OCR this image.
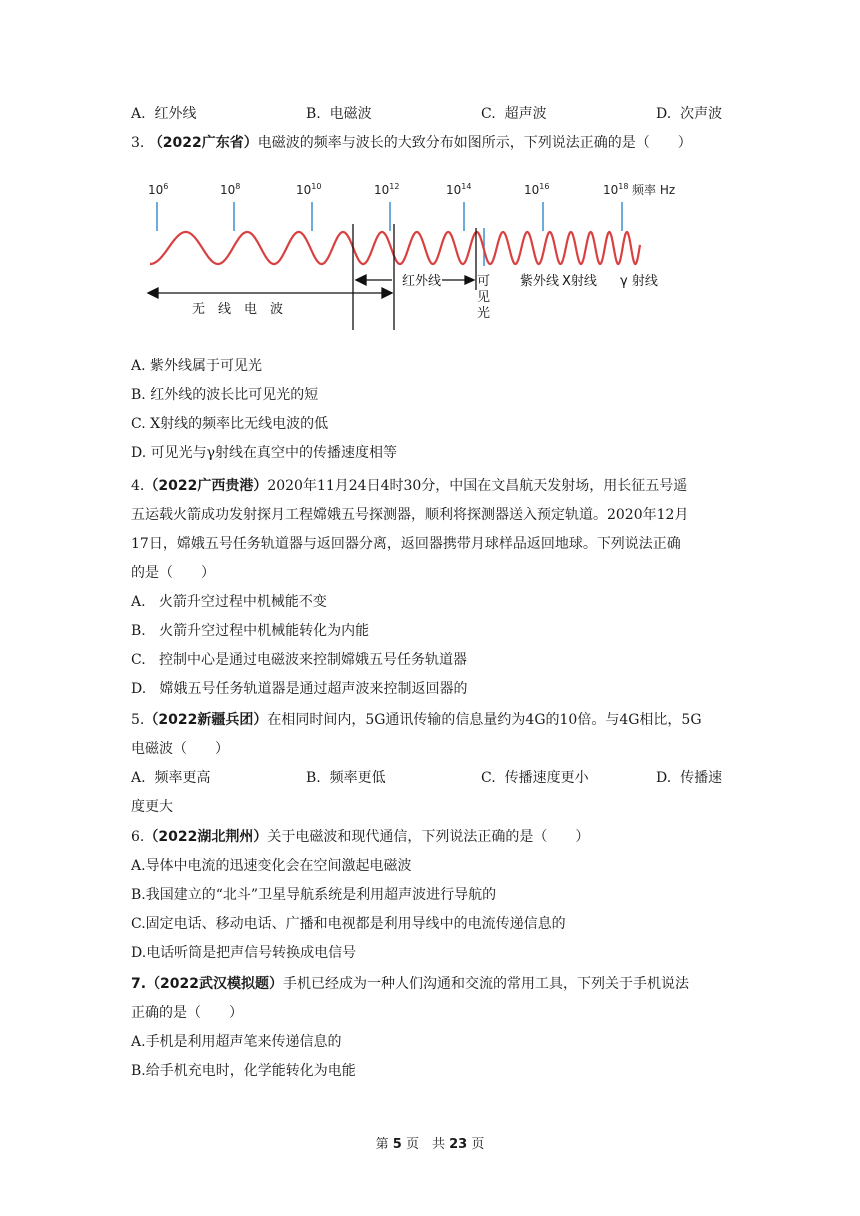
A. 红外线	B. 电磁波	C. 超声波	D. 次声波
3. （2022广东省）电磁波的频率与波长的大致分布如图所示，下列说法正确的是（　　）
$10^6$	$10^8$	$10^{10}$	$10^{12}$	$10^{14}$	$10^{16}$	$10^{18}$ 频率 Hz
无　线　电　波
红外线	紫外线 X射线 γ 射线
可
见
光
A. 紫外线属于可见光
B. 红外线的波长比可见光的短
C. X射线的频率比无线电波的低
D. 可见光与γ射线在真空中的传播速度相等
4.（2022广西贵港）2020年11月24日4时30分，中国在文昌航天发射场，用长征五号遥
五运载火箭成功发射探月工程嫦娥五号探测器，顺利将探测器送入预定轨道。2020年12月
17日，嫦娥五号任务轨道器与返回器分离，返回器携带月球样品返回地球。下列说法正确
的是（　　）
A. 火箭升空过程中机械能不变
B. 火箭升空过程中机械能转化为内能
C. 控制中心是通过电磁波来控制嫦娥五号任务轨道器
D. 嫦娥五号任务轨道器是通过超声波来控制返回器的
5.（2022新疆兵团）在相同时间内，5G通讯传输的信息量约为4G的10倍。与4G相比，5G
电磁波（　　）
A. 频率更高	B. 频率更低	C. 传播速度更小	D. 传播速
度更大
6.（2022湖北荆州）关于电磁波和现代通信，下列说法正确的是（　　）
A.导体中电流的迅速变化会在空间激起电磁波
B.我国建立的“北斗”卫星导航系统是利用超声波进行导航的
C.固定电话、移动电话、广播和电视都是利用导线中的电流传递信息的
D.电话听筒是把声信号转换成电信号
7.（2022武汉模拟题）手机已经成为一种人们沟通和交流的常用工具，下列关于手机说法
正确的是（　　）
A.手机是利用超声笔来传递信息的
B.给手机充电时，化学能转化为电能
第 5 页　共 23 页
